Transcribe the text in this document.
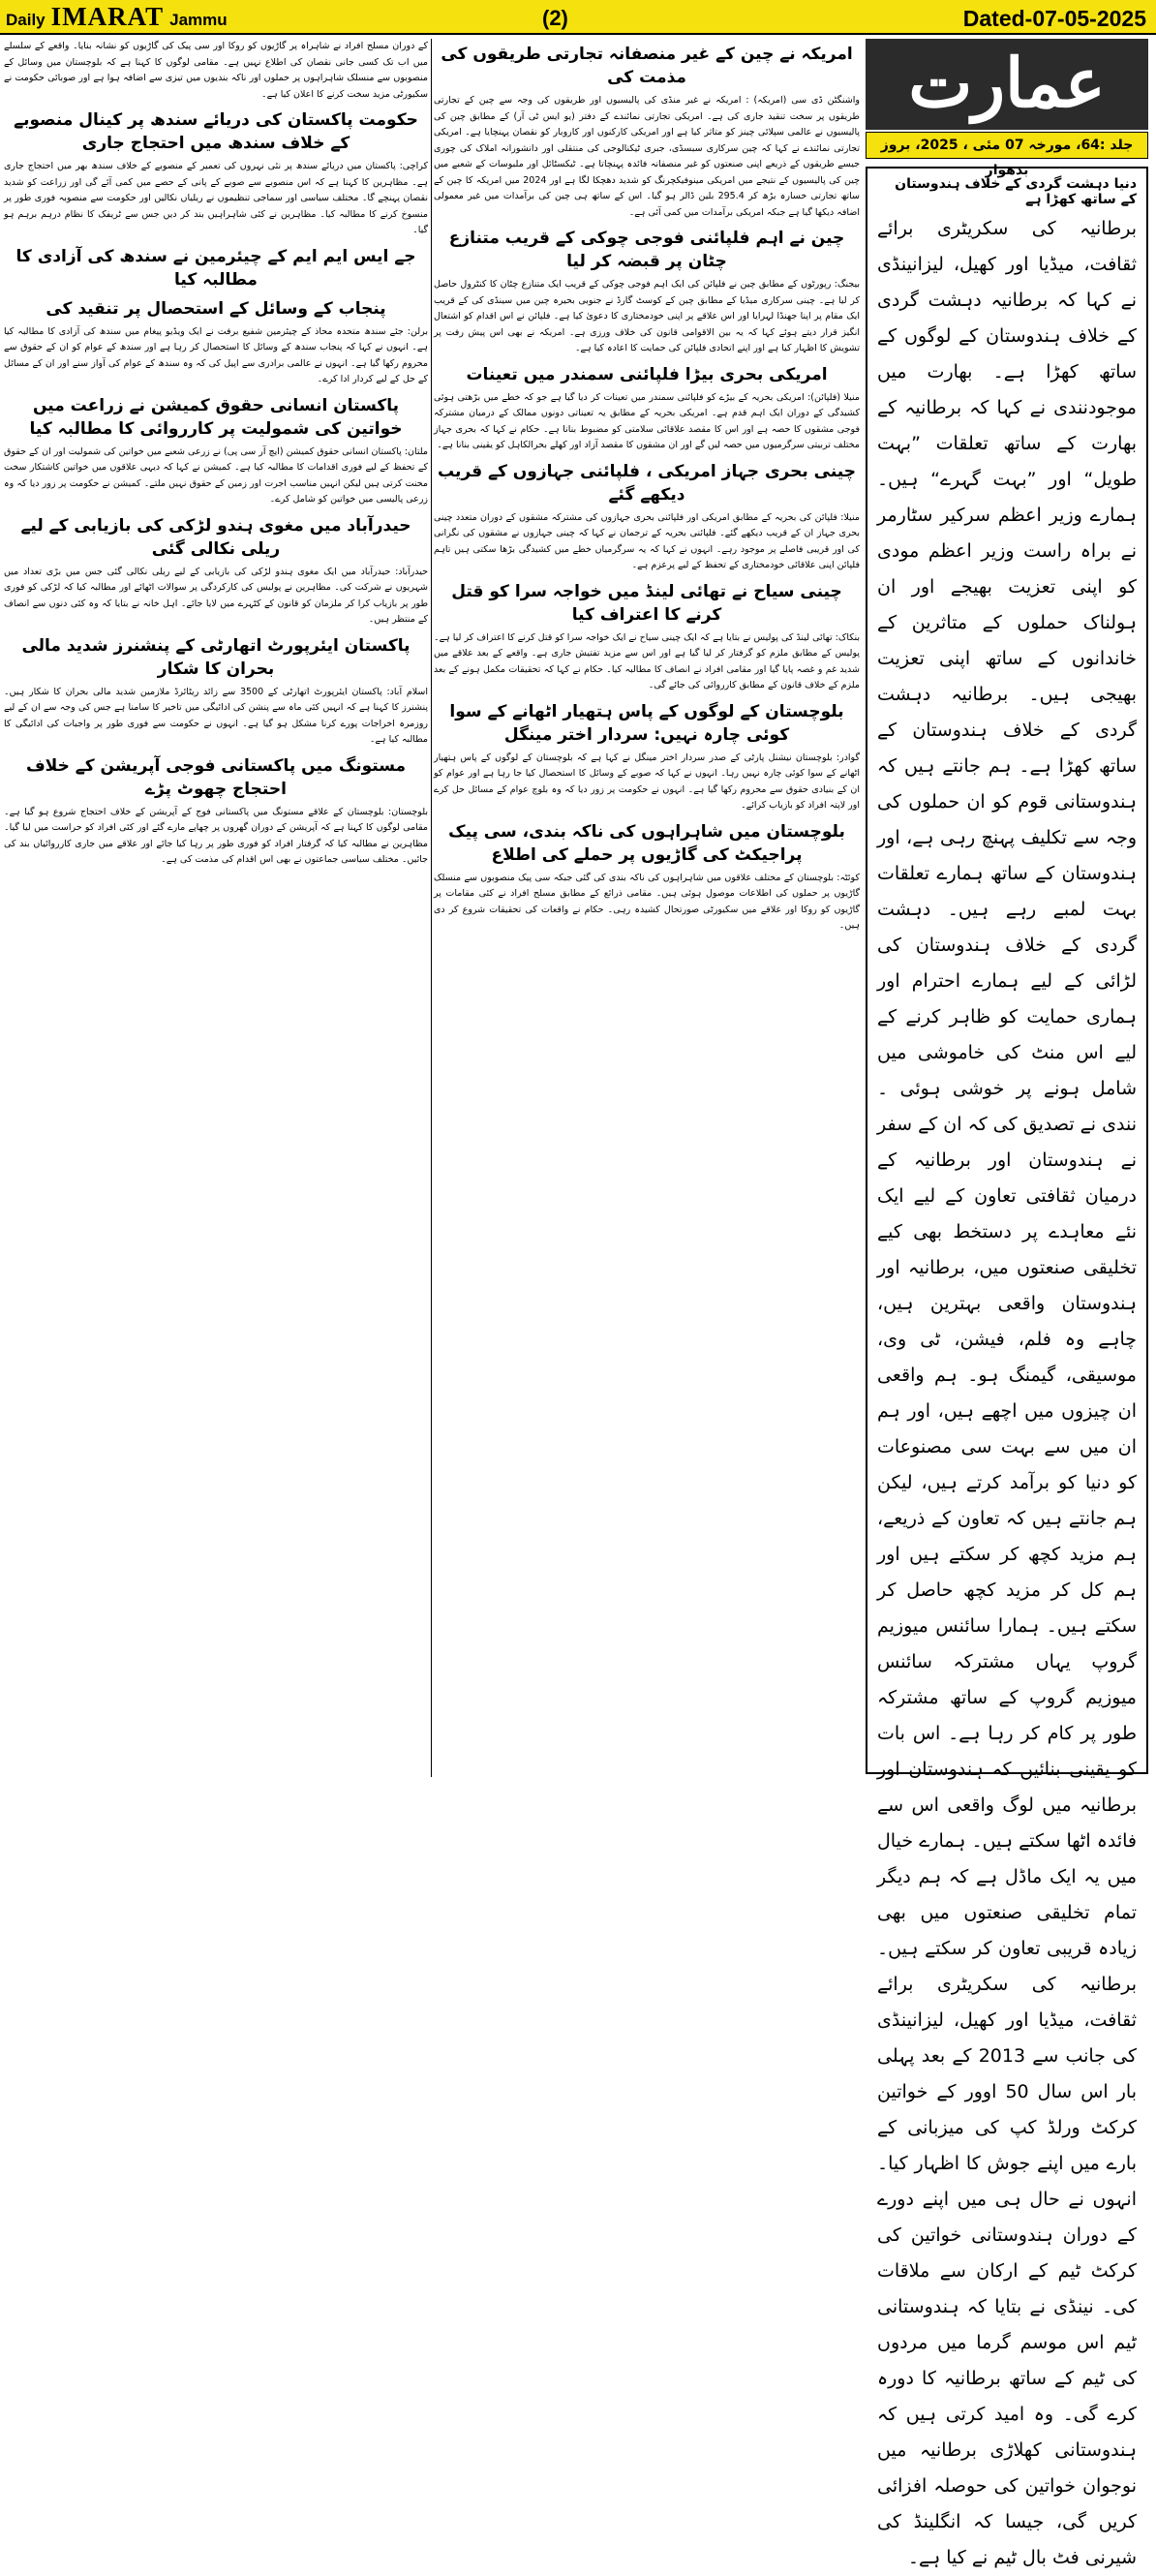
Daily IMARAT Jammu	(2)	Dated-07-05-2025
عمارت
جلد :64، مورخہ 07 مئی ، 2025، بروز بدھوار

دنیا دہشت گردی کے خلاف ہندوستان کے ساتھ کھڑا ہے

برطانیہ کی سکریٹری برائے ثقافت، میڈیا اور کھیل، لیزانینڈی نے کہا کہ برطانیہ دہشت گردی کے خلاف ہندوستان کے لوگوں کے ساتھ کھڑا ہے۔ بھارت میں موجودنندی نے کہا کہ برطانیہ کے بھارت کے ساتھ تعلقات ”بہت طویل“ اور ”بہت گہرے“ ہیں۔ ہمارے وزیر اعظم سرکیر سٹارمر نے براہ راست وزیر اعظم مودی کو اپنی تعزیت بھیجے اور ان ہولناک حملوں کے متاثرین کے خاندانوں کے ساتھ اپنی تعزیت بھیجی ہیں۔ برطانیہ دہشت گردی کے خلاف ہندوستان کے ساتھ کھڑا ہے۔ ہم جانتے ہیں کہ ہندوستانی قوم کو ان حملوں کی وجہ سے تکلیف پہنچ رہی ہے، اور ہندوستان کے ساتھ ہمارے تعلقات بہت لمبے رہے ہیں۔ دہشت گردی کے خلاف ہندوستان کی لڑائی کے لیے ہمارے احترام اور ہماری حمایت کو ظاہر کرنے کے لیے اس منٹ کی خاموشی میں شامل ہونے پر خوشی ہوئی ۔ نندی نے تصدیق کی کہ ان کے سفر نے ہندوستان اور برطانیہ کے درمیان ثقافتی تعاون کے لیے ایک نئے معاہدے پر دستخط بھی کیے تخلیقی صنعتوں میں، برطانیہ اور ہندوستان واقعی بہترین ہیں، چاہے وہ فلم، فیشن، ٹی وی، موسیقی، گیمنگ ہو۔ ہم واقعی ان چیزوں میں اچھے ہیں، اور ہم ان میں سے بہت سی مصنوعات کو دنیا کو برآمد کرتے ہیں، لیکن ہم جانتے ہیں کہ تعاون کے ذریعے، ہم مزید کچھ کر سکتے ہیں اور ہم کل کر مزید کچھ حاصل کر سکتے ہیں۔ ہمارا سائنس میوزیم گروپ یہاں مشترکہ سائنس میوزیم گروپ کے ساتھ مشترکہ طور پر کام کر رہا ہے۔ اس بات کو یقینی بنائیں کہ ہندوستان اور برطانیہ میں لوگ واقعی اس سے فائدہ اٹھا سکتے ہیں۔ ہمارے خیال میں یہ ایک ماڈل ہے کہ ہم دیگر تمام تخلیقی صنعتوں میں بھی زیادہ قریبی تعاون کر سکتے ہیں۔ برطانیہ کی سکریٹری برائے ثقافت، میڈیا اور کھیل، لیزانینڈی کی جانب سے 2013 کے بعد پہلی بار اس سال 50 اوور کے خواتین کرکٹ ورلڈ کپ کی میزبانی کے بارے میں اپنے جوش کا اظہار کیا۔ انہوں نے حال ہی میں اپنے دورے کے دوران ہندوستانی خواتین کی کرکٹ ٹیم کے ارکان سے ملاقات کی۔ نینڈی نے بتایا کہ ہندوستانی ٹیم اس موسم گرما میں مردوں کی ٹیم کے ساتھ برطانیہ کا دورہ کرے گی۔ وہ امید کرتی ہیں کہ ہندوستانی کھلاڑی برطانیہ میں نوجوان خواتین کی حوصلہ افزائی کریں گی، جیسا کہ انگلینڈ کی شیرنی فٹ بال ٹیم نے کیا ہے۔
امریکہ نے چین کے غیر منصفانہ تجارتی طریقوں کی مذمت کی

واشنگٹن ڈی سی (امریکہ) : امریکہ نے غیر منڈی کی پالیسیوں اور طریقوں کی وجہ سے چین کے تجارتی طریقوں پر سخت تنقید جاری کی ہے۔ امریکی تجارتی نمائندے کے دفتر (یو ایس ٹی آر) کے مطابق چین کی پالیسیوں نے عالمی سپلائی چینز کو متاثر کیا ہے اور امریکی کارکنوں اور کاروبار کو نقصان پہنچایا ہے۔ امریکی تجارتی نمائندے نے کہا کہ چین سرکاری سبسڈی، جبری ٹیکنالوجی کی منتقلی اور دانشورانہ املاک کی چوری جیسے طریقوں کے ذریعے اپنی صنعتوں کو غیر منصفانہ فائدہ پہنچاتا ہے۔ ٹیکسٹائل اور ملبوسات کے شعبے میں چین کی پالیسیوں کے نتیجے میں امریکی مینوفیکچرنگ کو شدید دھچکا لگا ہے اور 2024 میں امریکہ کا چین کے ساتھ تجارتی خسارہ بڑھ کر 295.4 بلین ڈالر ہو گیا۔ اس کے ساتھ ہی چین کی برآمدات میں غیر معمولی اضافہ دیکھا گیا ہے جبکہ امریکی برآمدات میں کمی آئی ہے۔

چین نے اہم فلپائنی فوجی چوکی کے قریب متنازع چٹان پر قبضہ کر لیا

بیجنگ: رپورٹوں کے مطابق چین نے فلپائن کی ایک اہم فوجی چوکی کے قریب ایک متنازع چٹان کا کنٹرول حاصل کر لیا ہے۔ چینی سرکاری میڈیا کے مطابق چین کے کوسٹ گارڈ نے جنوبی بحیرہ چین میں سینڈی کی کے قریب ایک مقام پر اپنا جھنڈا لہرایا اور اس علاقے پر اپنی خودمختاری کا دعویٰ کیا ہے۔ فلپائن نے اس اقدام کو اشتعال انگیز قرار دیتے ہوئے کہا کہ یہ بین الاقوامی قانون کی خلاف ورزی ہے۔ امریکہ نے بھی اس پیش رفت پر تشویش کا اظہار کیا ہے اور اپنے اتحادی فلپائن کی حمایت کا اعادہ کیا ہے۔

امریکی بحری بیڑا فلپائنی سمندر میں تعینات

منیلا (فلپائن): امریکی بحریہ کے بیڑے کو فلپائنی سمندر میں تعینات کر دیا گیا ہے جو کہ خطے میں بڑھتی ہوئی کشیدگی کے دوران ایک اہم قدم ہے۔ امریکی بحریہ کے مطابق یہ تعیناتی دونوں ممالک کے درمیان مشترکہ فوجی مشقوں کا حصہ ہے اور اس کا مقصد علاقائی سلامتی کو مضبوط بنانا ہے۔ حکام نے کہا کہ بحری جہاز مختلف تربیتی سرگرمیوں میں حصہ لیں گے اور ان مشقوں کا مقصد آزاد اور کھلے بحرالکاہل کو یقینی بنانا ہے۔

چینی بحری جہاز امریکی ، فلپائنی جہازوں کے قریب دیکھے گئے

منیلا: فلپائن کی بحریہ کے مطابق امریکی اور فلپائنی بحری جہازوں کی مشترکہ مشقوں کے دوران متعدد چینی بحری جہاز ان کے قریب دیکھے گئے۔ فلپائنی بحریہ کے ترجمان نے کہا کہ چینی جہازوں نے مشقوں کی نگرانی کی اور قریبی فاصلے پر موجود رہے۔ انہوں نے کہا کہ یہ سرگرمیاں خطے میں کشیدگی بڑھا سکتی ہیں تاہم فلپائن اپنی علاقائی خودمختاری کے تحفظ کے لیے پرعزم ہے۔

چینی سیاح نے تھائی لینڈ میں خواجہ سرا کو قتل کرنے کا اعتراف کیا

بنکاک: تھائی لینڈ کی پولیس نے بتایا ہے کہ ایک چینی سیاح نے ایک خواجہ سرا کو قتل کرنے کا اعتراف کر لیا ہے۔ پولیس کے مطابق ملزم کو گرفتار کر لیا گیا ہے اور اس سے مزید تفتیش جاری ہے۔ واقعے کے بعد علاقے میں شدید غم و غصہ پایا گیا اور مقامی افراد نے انصاف کا مطالبہ کیا۔ حکام نے کہا کہ تحقیقات مکمل ہونے کے بعد ملزم کے خلاف قانون کے مطابق کارروائی کی جائے گی۔

بلوچستان کے لوگوں کے پاس ہتھیار اٹھانے کے سوا کوئی چارہ نہیں: سردار اختر مینگل

گوادر: بلوچستان نیشنل پارٹی کے صدر سردار اختر مینگل نے کہا ہے کہ بلوچستان کے لوگوں کے پاس ہتھیار اٹھانے کے سوا کوئی چارہ نہیں رہا۔ انہوں نے کہا کہ صوبے کے وسائل کا استحصال کیا جا رہا ہے اور عوام کو ان کے بنیادی حقوق سے محروم رکھا گیا ہے۔ انہوں نے حکومت پر زور دیا کہ وہ بلوچ عوام کے مسائل حل کرے اور لاپتہ افراد کو بازیاب کرائے۔

بلوچستان میں شاہراہوں کی ناکہ بندی، سی پیک پراجیکٹ کی گاڑیوں پر حملے کی اطلاع

کوئٹہ: بلوچستان کے مختلف علاقوں میں شاہراہوں کی ناکہ بندی کی گئی جبکہ سی پیک منصوبوں سے منسلک گاڑیوں پر حملوں کی اطلاعات موصول ہوئی ہیں۔ مقامی ذرائع کے مطابق مسلح افراد نے کئی مقامات پر گاڑیوں کو روکا اور علاقے میں سکیورٹی صورتحال کشیدہ رہی۔ حکام نے واقعات کی تحقیقات شروع کر دی ہیں۔

کے دوران مسلح افراد نے شاہراہ پر گاڑیوں کو روکا اور سی پیک کی گاڑیوں کو نشانہ بنایا۔ واقعے کے سلسلے میں اب تک کسی جانی نقصان کی اطلاع نہیں ہے۔ مقامی لوگوں کا کہنا ہے کہ بلوچستان میں وسائل کے منصوبوں سے منسلک شاہراہوں پر حملوں اور ناکہ بندیوں میں تیزی سے اضافہ ہوا ہے اور صوبائی حکومت نے سکیورٹی مزید سخت کرنے کا اعلان کیا ہے۔

حکومت پاکستان کی دریائے سندھ پر کینال منصوبے کے خلاف سندھ میں احتجاج جاری

کراچی: پاکستان میں دریائے سندھ پر نئی نہروں کی تعمیر کے منصوبے کے خلاف سندھ بھر میں احتجاج جاری ہے۔ مظاہرین کا کہنا ہے کہ اس منصوبے سے صوبے کے پانی کے حصے میں کمی آئے گی اور زراعت کو شدید نقصان پہنچے گا۔ مختلف سیاسی اور سماجی تنظیموں نے ریلیاں نکالیں اور حکومت سے منصوبہ فوری طور پر منسوخ کرنے کا مطالبہ کیا۔ مظاہرین نے کئی شاہراہیں بند کر دیں جس سے ٹریفک کا نظام درہم برہم ہو گیا۔

جے ایس ایم ایم کے چیئرمین نے سندھ کی آزادی کا مطالبہ کیا
پنجاب کے وسائل کے استحصال پر تنقید کی

برلن: جئے سندھ متحدہ محاذ کے چیئرمین شفیع برفت نے ایک ویڈیو پیغام میں سندھ کی آزادی کا مطالبہ کیا ہے۔ انہوں نے کہا کہ پنجاب سندھ کے وسائل کا استحصال کر رہا ہے اور سندھ کے عوام کو ان کے حقوق سے محروم رکھا گیا ہے۔ انہوں نے عالمی برادری سے اپیل کی کہ وہ سندھ کے عوام کی آواز سنے اور ان کے مسائل کے حل کے لیے کردار ادا کرے۔

پاکستان انسانی حقوق کمیشن نے زراعت میں خواتین کی شمولیت پر کارروائی کا مطالبہ کیا

ملتان: پاکستان انسانی حقوق کمیشن (ایچ آر سی پی) نے زرعی شعبے میں خواتین کی شمولیت اور ان کے حقوق کے تحفظ کے لیے فوری اقدامات کا مطالبہ کیا ہے۔ کمیشن نے کہا کہ دیہی علاقوں میں خواتین کاشتکار سخت محنت کرتی ہیں لیکن انہیں مناسب اجرت اور زمین کے حقوق نہیں ملتے۔ کمیشن نے حکومت پر زور دیا کہ وہ زرعی پالیسی میں خواتین کو شامل کرے۔

حیدرآباد میں مغوی ہندو لڑکی کی بازیابی کے لیے ریلی نکالی گئی

حیدرآباد: حیدرآباد میں ایک مغوی ہندو لڑکی کی بازیابی کے لیے ریلی نکالی گئی جس میں بڑی تعداد میں شہریوں نے شرکت کی۔ مظاہرین نے پولیس کی کارکردگی پر سوالات اٹھائے اور مطالبہ کیا کہ لڑکی کو فوری طور پر بازیاب کرا کر ملزمان کو قانون کے کٹہرے میں لایا جائے۔ اہل خانہ نے بتایا کہ وہ کئی دنوں سے انصاف کے منتظر ہیں۔

پاکستان ایئرپورٹ اتھارٹی کے پنشنرز شدید مالی بحران کا شکار

اسلام آباد: پاکستان ایئرپورٹ اتھارٹی کے 3500 سے زائد ریٹائرڈ ملازمین شدید مالی بحران کا شکار ہیں۔ پنشنرز کا کہنا ہے کہ انہیں کئی ماہ سے پنشن کی ادائیگی میں تاخیر کا سامنا ہے جس کی وجہ سے ان کے لیے روزمرہ اخراجات پورے کرنا مشکل ہو گیا ہے۔ انہوں نے حکومت سے فوری طور پر واجبات کی ادائیگی کا مطالبہ کیا ہے۔

مستونگ میں پاکستانی فوجی آپریشن کے خلاف احتجاج چھوٹ پڑے

بلوچستان: بلوچستان کے علاقے مستونگ میں پاکستانی فوج کے آپریشن کے خلاف احتجاج شروع ہو گیا ہے۔ مقامی لوگوں کا کہنا ہے کہ آپریشن کے دوران گھروں پر چھاپے مارے گئے اور کئی افراد کو حراست میں لیا گیا۔ مظاہرین نے مطالبہ کیا کہ گرفتار افراد کو فوری طور پر رہا کیا جائے اور علاقے میں جاری کارروائیاں بند کی جائیں۔ مختلف سیاسی جماعتوں نے بھی اس اقدام کی مذمت کی ہے۔
